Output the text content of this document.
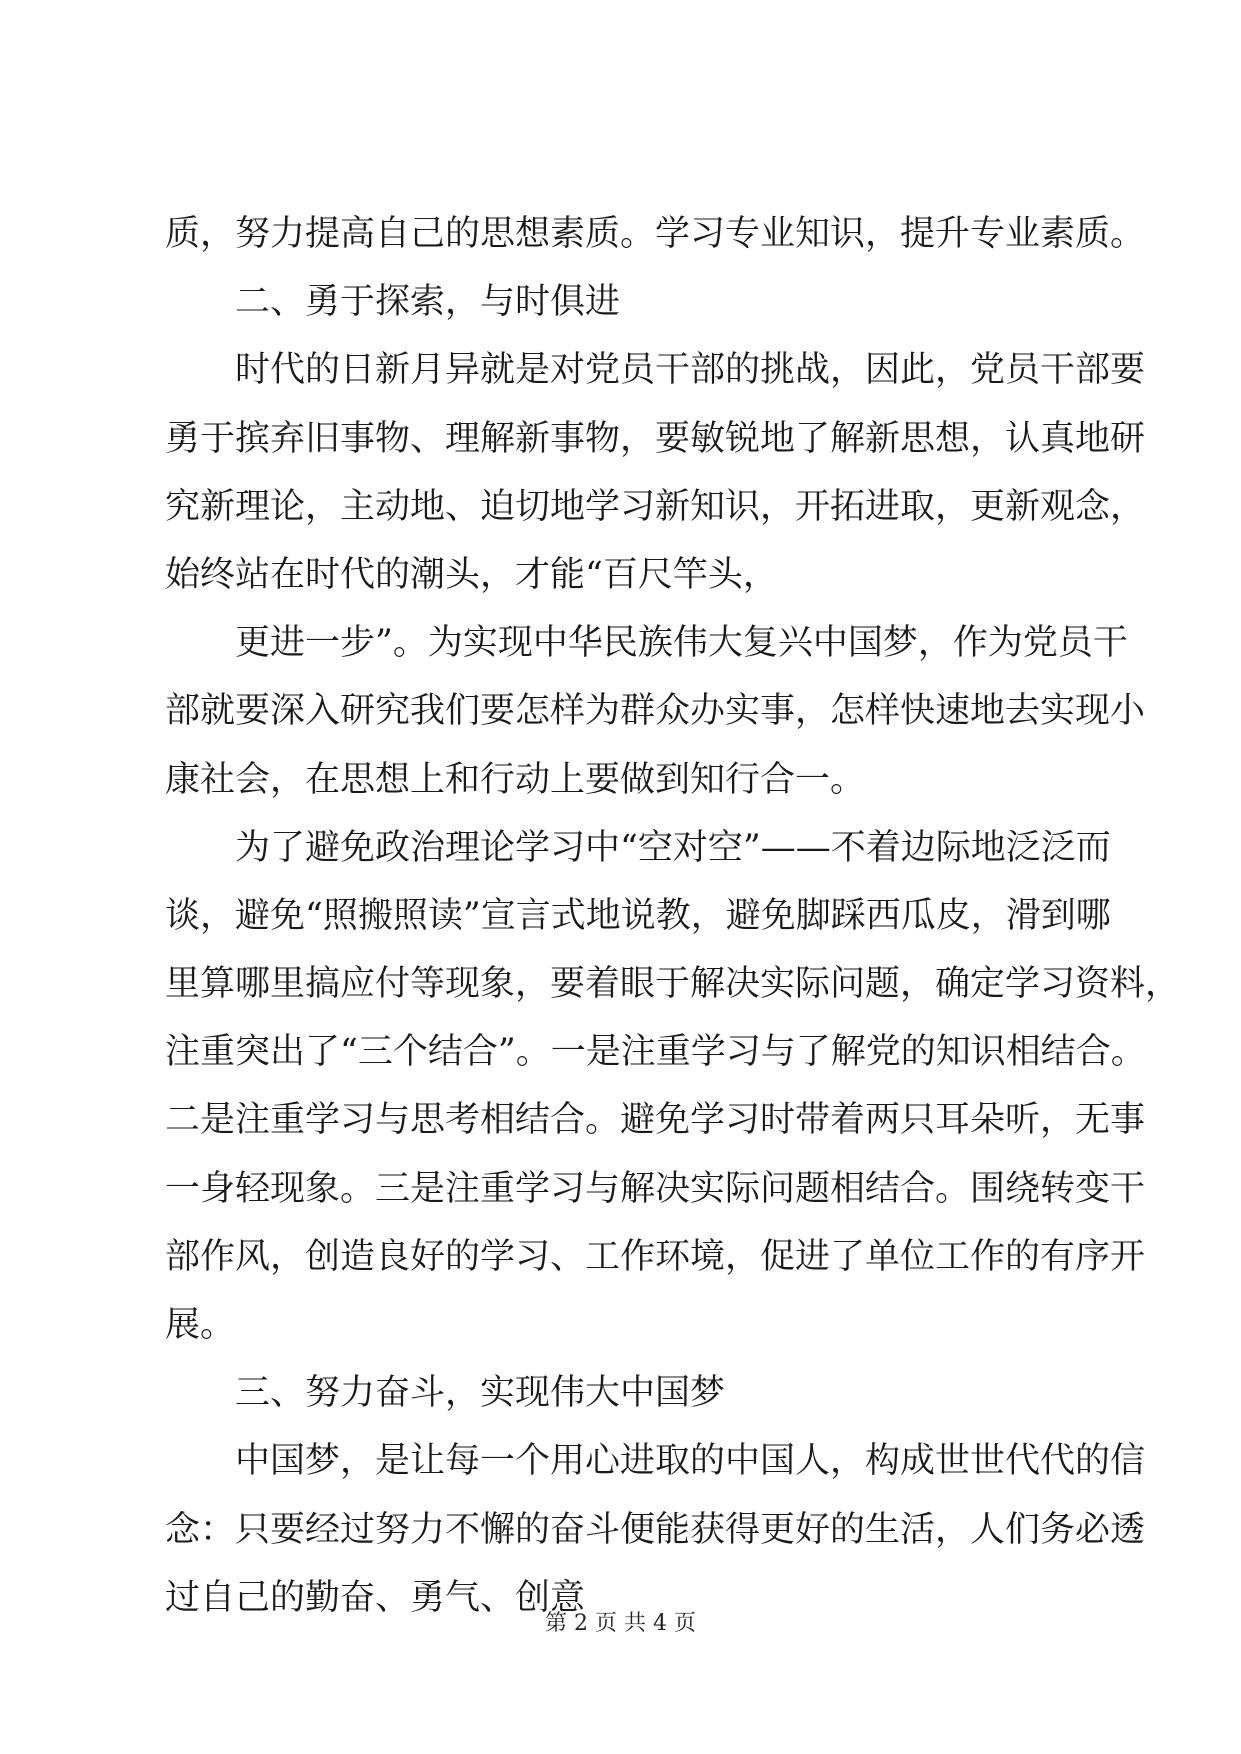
质，努力提高自己的思想素质。学习专业知识，提升专业素质。
二、勇于探索，与时俱进
时代的日新月异就是对党员干部的挑战，因此，党员干部要
勇于摈弃旧事物、理解新事物，要敏锐地了解新思想，认真地研
究新理论，主动地、迫切地学习新知识，开拓进取，更新观念，
始终站在时代的潮头，才能“百尺竿头，
更进一步”。为实现中华民族伟大复兴中国梦，作为党员干
部就要深入研究我们要怎样为群众办实事，怎样快速地去实现小
康社会，在思想上和行动上要做到知行合一。
为了避免政治理论学习中“空对空”——不着边际地泛泛而
谈，避免“照搬照读”宣言式地说教，避免脚踩西瓜皮，滑到哪
里算哪里搞应付等现象，要着眼于解决实际问题，确定学习资料，
注重突出了“三个结合”。一是注重学习与了解党的知识相结合。
二是注重学习与思考相结合。避免学习时带着两只耳朵听，无事
一身轻现象。三是注重学习与解决实际问题相结合。围绕转变干
部作风，创造良好的学习、工作环境，促进了单位工作的有序开
展。
三、努力奋斗，实现伟大中国梦
中国梦，是让每一个用心进取的中国人，构成世世代代的信
念：只要经过努力不懈的奋斗便能获得更好的生活，人们务必透
过自己的勤奋、勇气、创意
第 2 页 共 4 页
